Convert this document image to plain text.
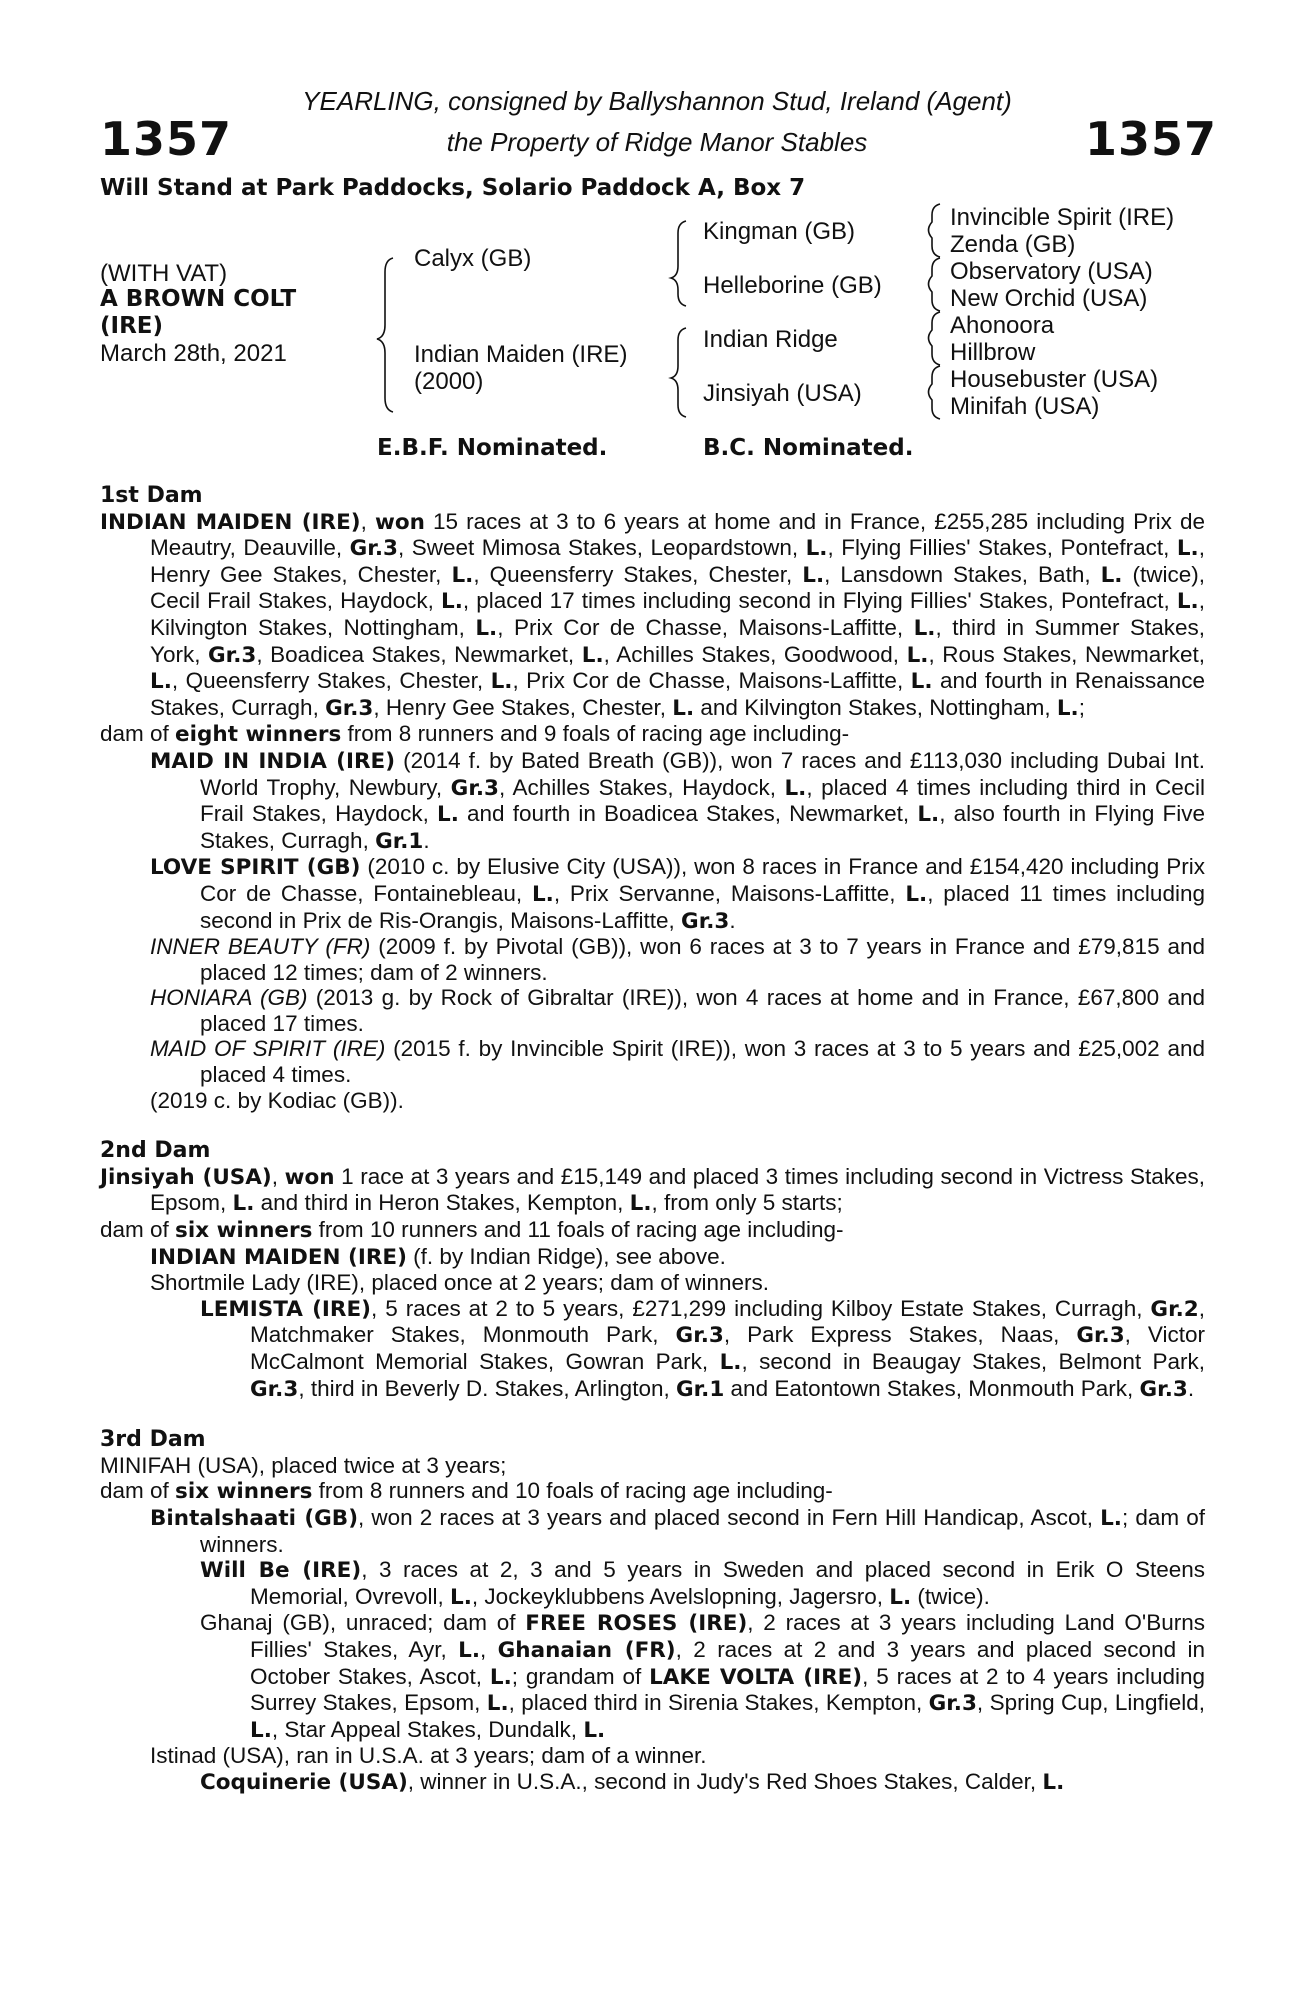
1357	1357
YEARLING, consigned by Ballyshannon Stud, Ireland (Agent)
the Property of Ridge Manor Stables
Will Stand at Park Paddocks, Solario Paddock A, Box 7
(WITH VAT)
A BROWN COLT
(IRE)
March 28th, 2021
Calyx (GB)
Indian Maiden (IRE)
(2000)
Kingman (GB)
Helleborine (GB)
Indian Ridge
Jinsiyah (USA)
Invincible Spirit (IRE)
Zenda (GB)
Observatory (USA)
New Orchid (USA)
Ahonoora
Hillbrow
Housebuster (USA)
Minifah (USA)
E.B.F. Nominated.	B.C. Nominated.
1st Dam
INDIAN MAIDEN (IRE), won 15 races at 3 to 6 years at home and in France, £255,285 including Prix de Meautry, Deauville, Gr.3, Sweet Mimosa Stakes, Leopardstown, L., Flying Fillies' Stakes, Pontefract, L., Henry Gee Stakes, Chester, L., Queensferry Stakes, Chester, L., Lansdown Stakes, Bath, L. (twice), Cecil Frail Stakes, Haydock, L., placed 17 times including second in Flying Fillies' Stakes, Pontefract, L., Kilvington Stakes, Nottingham, L., Prix Cor de Chasse, Maisons-Laffitte, L., third in Summer Stakes, York, Gr.3, Boadicea Stakes, Newmarket, L., Achilles Stakes, Goodwood, L., Rous Stakes, Newmarket, L., Queensferry Stakes, Chester, L., Prix Cor de Chasse, Maisons-Laffitte, L. and fourth in Renaissance Stakes, Curragh, Gr.3, Henry Gee Stakes, Chester, L. and Kilvington Stakes, Nottingham, L.;
dam of eight winners from 8 runners and 9 foals of racing age including-
MAID IN INDIA (IRE) (2014 f. by Bated Breath (GB)), won 7 races and £113,030 including Dubai Int. World Trophy, Newbury, Gr.3, Achilles Stakes, Haydock, L., placed 4 times including third in Cecil Frail Stakes, Haydock, L. and fourth in Boadicea Stakes, Newmarket, L., also fourth in Flying Five Stakes, Curragh, Gr.1.
LOVE SPIRIT (GB) (2010 c. by Elusive City (USA)), won 8 races in France and £154,420 including Prix Cor de Chasse, Fontainebleau, L., Prix Servanne, Maisons-Laffitte, L., placed 11 times including second in Prix de Ris-Orangis, Maisons-Laffitte, Gr.3.
INNER BEAUTY (FR) (2009 f. by Pivotal (GB)), won 6 races at 3 to 7 years in France and £79,815 and placed 12 times; dam of 2 winners.
HONIARA (GB) (2013 g. by Rock of Gibraltar (IRE)), won 4 races at home and in France, £67,800 and placed 17 times.
MAID OF SPIRIT (IRE) (2015 f. by Invincible Spirit (IRE)), won 3 races at 3 to 5 years and £25,002 and placed 4 times.
(2019 c. by Kodiac (GB)).
2nd Dam
Jinsiyah (USA), won 1 race at 3 years and £15,149 and placed 3 times including second in Victress Stakes, Epsom, L. and third in Heron Stakes, Kempton, L., from only 5 starts;
dam of six winners from 10 runners and 11 foals of racing age including-
INDIAN MAIDEN (IRE) (f. by Indian Ridge), see above.
Shortmile Lady (IRE), placed once at 2 years; dam of winners.
LEMISTA (IRE), 5 races at 2 to 5 years, £271,299 including Kilboy Estate Stakes, Curragh, Gr.2, Matchmaker Stakes, Monmouth Park, Gr.3, Park Express Stakes, Naas, Gr.3, Victor McCalmont Memorial Stakes, Gowran Park, L., second in Beaugay Stakes, Belmont Park, Gr.3, third in Beverly D. Stakes, Arlington, Gr.1 and Eatontown Stakes, Monmouth Park, Gr.3.
3rd Dam
MINIFAH (USA), placed twice at 3 years;
dam of six winners from 8 runners and 10 foals of racing age including-
Bintalshaati (GB), won 2 races at 3 years and placed second in Fern Hill Handicap, Ascot, L.; dam of winners.
Will Be (IRE), 3 races at 2, 3 and 5 years in Sweden and placed second in Erik O Steens Memorial, Ovrevoll, L., Jockeyklubbens Avelslopning, Jagersro, L. (twice).
Ghanaj (GB), unraced; dam of FREE ROSES (IRE), 2 races at 3 years including Land O'Burns Fillies' Stakes, Ayr, L., Ghanaian (FR), 2 races at 2 and 3 years and placed second in October Stakes, Ascot, L.; grandam of LAKE VOLTA (IRE), 5 races at 2 to 4 years including Surrey Stakes, Epsom, L., placed third in Sirenia Stakes, Kempton, Gr.3, Spring Cup, Lingfield, L., Star Appeal Stakes, Dundalk, L.
Istinad (USA), ran in U.S.A. at 3 years; dam of a winner.
Coquinerie (USA), winner in U.S.A., second in Judy's Red Shoes Stakes, Calder, L.
